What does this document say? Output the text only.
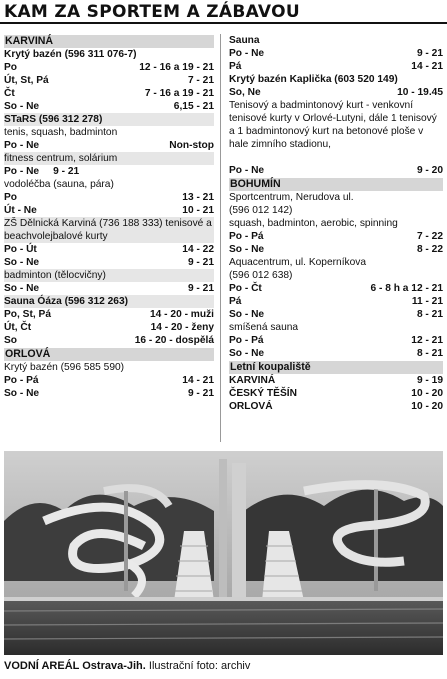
KAM ZA SPORTEM A ZÁBAVOU
KARVINÁ
Krytý bazén (596 311 076-7)
Po	12 - 16 a 19 - 21
Út, St, Pá	7 - 21
Čt	7 - 16 a 19 - 21
So - Ne	6,15 - 21
STaRS (596 312 278)
tenis, squash, badminton
Po - Ne	Non-stop
fitness centrum, solárium
Po - Ne 9 - 21
vodoléčba (sauna, pára)
Po	13 - 21
Út - Ne	10 - 21
ZŠ Dělnická Karviná (736 188 333) tenisové a beachvolejbalové kurty
Po - Út	14 - 22
So - Ne	9 - 21
badminton (tělocvičny)
So - Ne	9 - 21
Sauna Óáza (596 312 263)
Po, St, Pá	14 - 20 - muži
Út, Čt	14 - 20 - ženy
So	16 - 20 - dospělá
ORLOVÁ
Krytý bazén (596 585 590)
Po - Pá	14 - 21
So - Ne	9 - 21
Sauna
Po - Ne	9 - 21
Pá	14 - 21
Krytý bazén Kaplička (603 520 149)
So, Ne	10 - 19.45
Tenisový a badmintonový kurt - venkovní tenisové kurty v Orlové-Lutyni, dále 1 tenisový a 1 badmintonový kurt na betonové ploše v hale zimního stadionu,
Po - Ne	9 - 20
BOHUMÍN
Sportcentrum, Nerudova ul.
(596 012 142)
squash, badminton, aerobic, spinning
Po - Pá	7 - 22
So - Ne	8 - 22
Aquacentrum, ul. Koperníkova
(596 012 638)
Po - Čt	6 - 8 h a 12 - 21
Pá	11 - 21
So - Ne	8 - 21
smíšená sauna
Po - Pá	12 - 21
So - Ne	8 - 21
Letní koupaliště
KARVINÁ	9 - 19
ČESKÝ TĚŠÍN	10 - 20
ORLOVÁ	10 - 20
VODNÍ AREÁL Ostrava-Jih. Ilustrační foto: archiv
